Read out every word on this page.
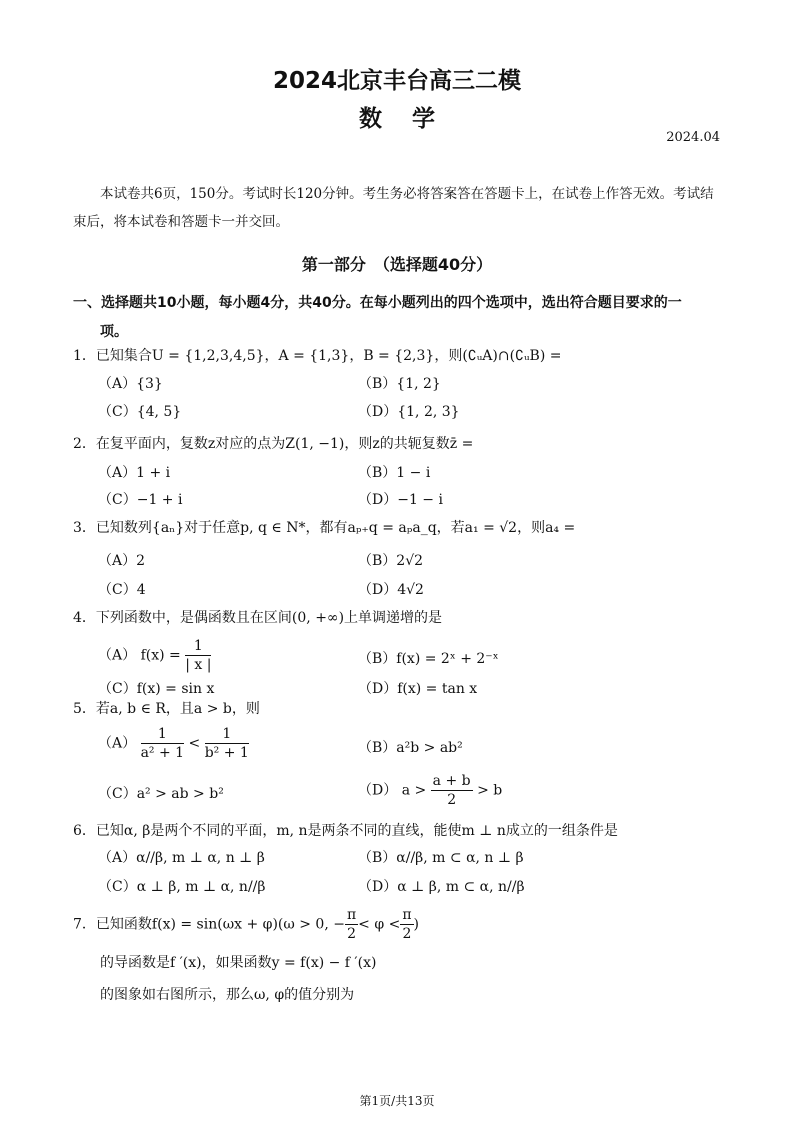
2024北京丰台高三二模
数学
2024.04
本试卷共6页，150分。考试时长120分钟。考生务必将答案答在答题卡上，在试卷上作答无效。考试结束后，将本试卷和答题卡一并交回。
第一部分　（选择题40分）
一、选择题共10小题，每小题4分，共40分。在每小题列出的四个选项中，选出符合题目要求的一
项。
1．已知集合U = {1,2,3,4,5}，A = {1,3}，B = {2,3}，则(∁ᵤA)∩(∁ᵤB) =
（A）{3}	（B）{1, 2}
（C）{4, 5}	（D）{1, 2, 3}
2．在复平面内，复数z对应的点为Z(1, −1)，则z的共轭复数z̄ =
（A）1 + i	（B）1 − i
（C）−1 + i	（D）−1 − i
3．已知数列{aₙ}对于任意p, q ∈ N*，都有aₚ₊q = aₚa_q，若a₁ = √2，则a₄ =
（A）2	（B）2√2
（C）4	（D）4√2
4．下列函数中，是偶函数且在区间(0, +∞)上单调递增的是
（A） $f(x) = \frac{1}{| x |}$	（B）f(x) = 2ˣ + 2⁻ˣ
（C）f(x) = sin x	（D）f(x) = tan x
5．若a, b ∈ R，且a > b，则
$(A) \frac{1}{\text{a² + 1}} < \frac{1}{\text{b² + 1}}$	（B）a²b > ab²
（C）a² > ab > b²	（D） $a > \frac{a + b}{2} > b$
6．已知α, β是两个不同的平面，m, n是两条不同的直线，能使m ⊥ n成立的一组条件是
（A）α//β, m ⊥ α, n ⊥ β	（B）α//β, m ⊂ α, n ⊥ β
（C）α ⊥ β, m ⊥ α, n//β	（D）α ⊥ β, m ⊂ α, n//β
7．已知函数f(x) = sin(ωx + φ)(ω > 0, − $\frac{\pi}{2} < \varphi < \frac{\pi}{2}$ )
的导函数是f ′(x)，如果函数y = f(x) − f ′(x)
的图象如右图所示，那么ω, φ的值分别为
第1页/共13页
